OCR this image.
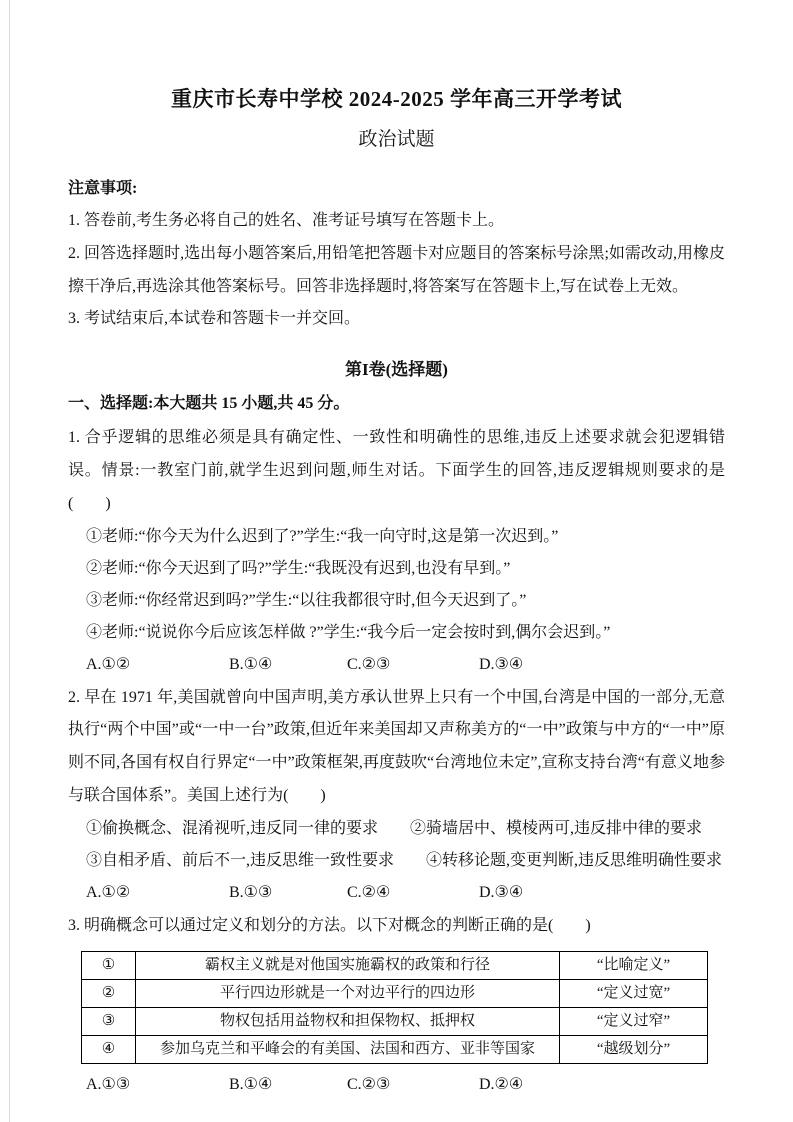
重庆市长寿中学校 2024-2025 学年高三开学考试
政治试题

注意事项:

1. 答卷前,考生务必将自己的姓名、准考证号填写在答题卡上。

2. 回答选择题时,选出每小题答案后,用铅笔把答题卡对应题目的答案标号涂黑;如需改动,用橡皮擦干净后,再选涂其他答案标号。回答非选择题时,将答案写在答题卡上,写在试卷上无效。

3. 考试结束后,本试卷和答题卡一并交回。

第I卷(选择题)

一、选择题:本大题共 15 小题,共 45 分。

1. 合乎逻辑的思维必须是具有确定性、一致性和明确性的思维,违反上述要求就会犯逻辑错误。情景:一教室门前,就学生迟到问题,师生对话。下面学生的回答,违反逻辑规则要求的是(　　)

①老师:“你今天为什么迟到了?”学生:“我一向守时,这是第一次迟到。”

②老师:“你今天迟到了吗?”学生:“我既没有迟到,也没有早到。”

③老师:“你经常迟到吗?”学生:“以往我都很守时,但今天迟到了。”

④老师:“说说你今后应该怎样做 ?”学生:“我今后一定会按时到,偶尔会迟到。”

A.①②	B.①④	C.②③	D.③④

2. 早在 1971 年,美国就曾向中国声明,美方承认世界上只有一个中国,台湾是中国的一部分,无意执行“两个中国”或“一中一台”政策,但近年来美国却又声称美方的“一中”政策与中方的“一中”原则不同,各国有权自行界定“一中”政策框架,再度鼓吹“台湾地位未定”,宣称支持台湾“有意义地参与联合国体系”。美国上述行为(　　)

①偷换概念、混淆视听,违反同一律的要求　　②骑墙居中、模棱两可,违反排中律的要求

③自相矛盾、前后不一,违反思维一致性要求　　④转移论题,变更判断,违反思维明确性要求

A.①②	B.①③	C.②④	D.③④

3. 明确概念可以通过定义和划分的方法。以下对概念的判断正确的是(　　)

①	霸权主义就是对他国实施霸权的政策和行径	“比喻定义”
②	平行四边形就是一个对边平行的四边形	“定义过宽”
③	物权包括用益物权和担保物权、抵押权	“定义过窄”
④	参加乌克兰和平峰会的有美国、法国和西方、亚非等国家	“越级划分”
A.①③	B.①④	C.②③	D.②④
